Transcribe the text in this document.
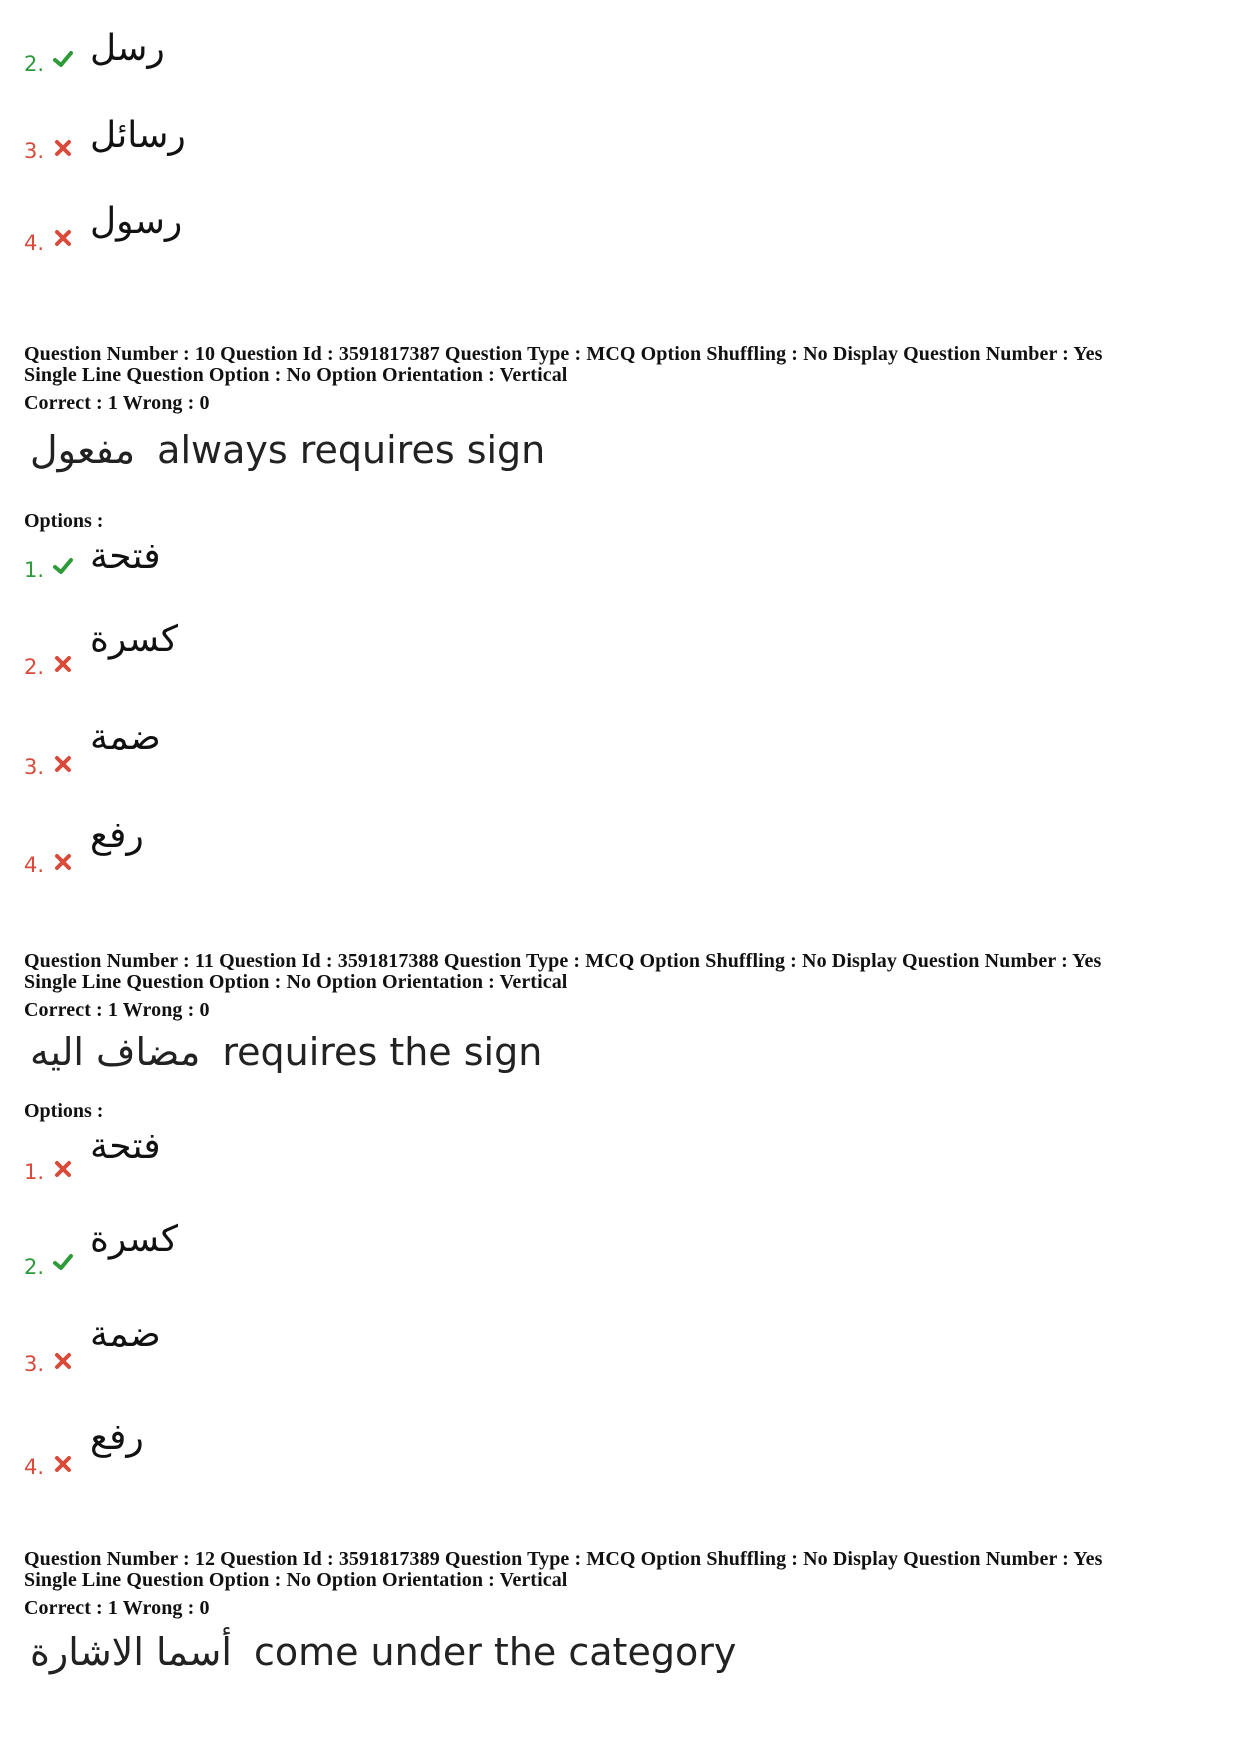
2. رسل
3. رسائل
4.
رسول
Question Number : 10 Question Id : 3591817387 Question Type : MCQ Option Shuffling : No Display Question Number : Yes
Single Line Question Option : No Option Orientation : Vertical
Correct : 1 Wrong : 0
مفعول always requires sign
Options :
1. فتحة
2.
كسرة
3.
ضمة
4.
رفع
Question Number : 11 Question Id : 3591817388 Question Type : MCQ Option Shuffling : No Display Question Number : Yes
Single Line Question Option : No Option Orientation : Vertical
Correct : 1 Wrong : 0
مضاف اليه requires the sign
Options :
1.
فتحة
2.
كسرة
3.
ضمة
4.
رفع
Question Number : 12 Question Id : 3591817389 Question Type : MCQ Option Shuffling : No Display Question Number : Yes
Single Line Question Option : No Option Orientation : Vertical
Correct : 1 Wrong : 0
أسما الاشارة come under the category
